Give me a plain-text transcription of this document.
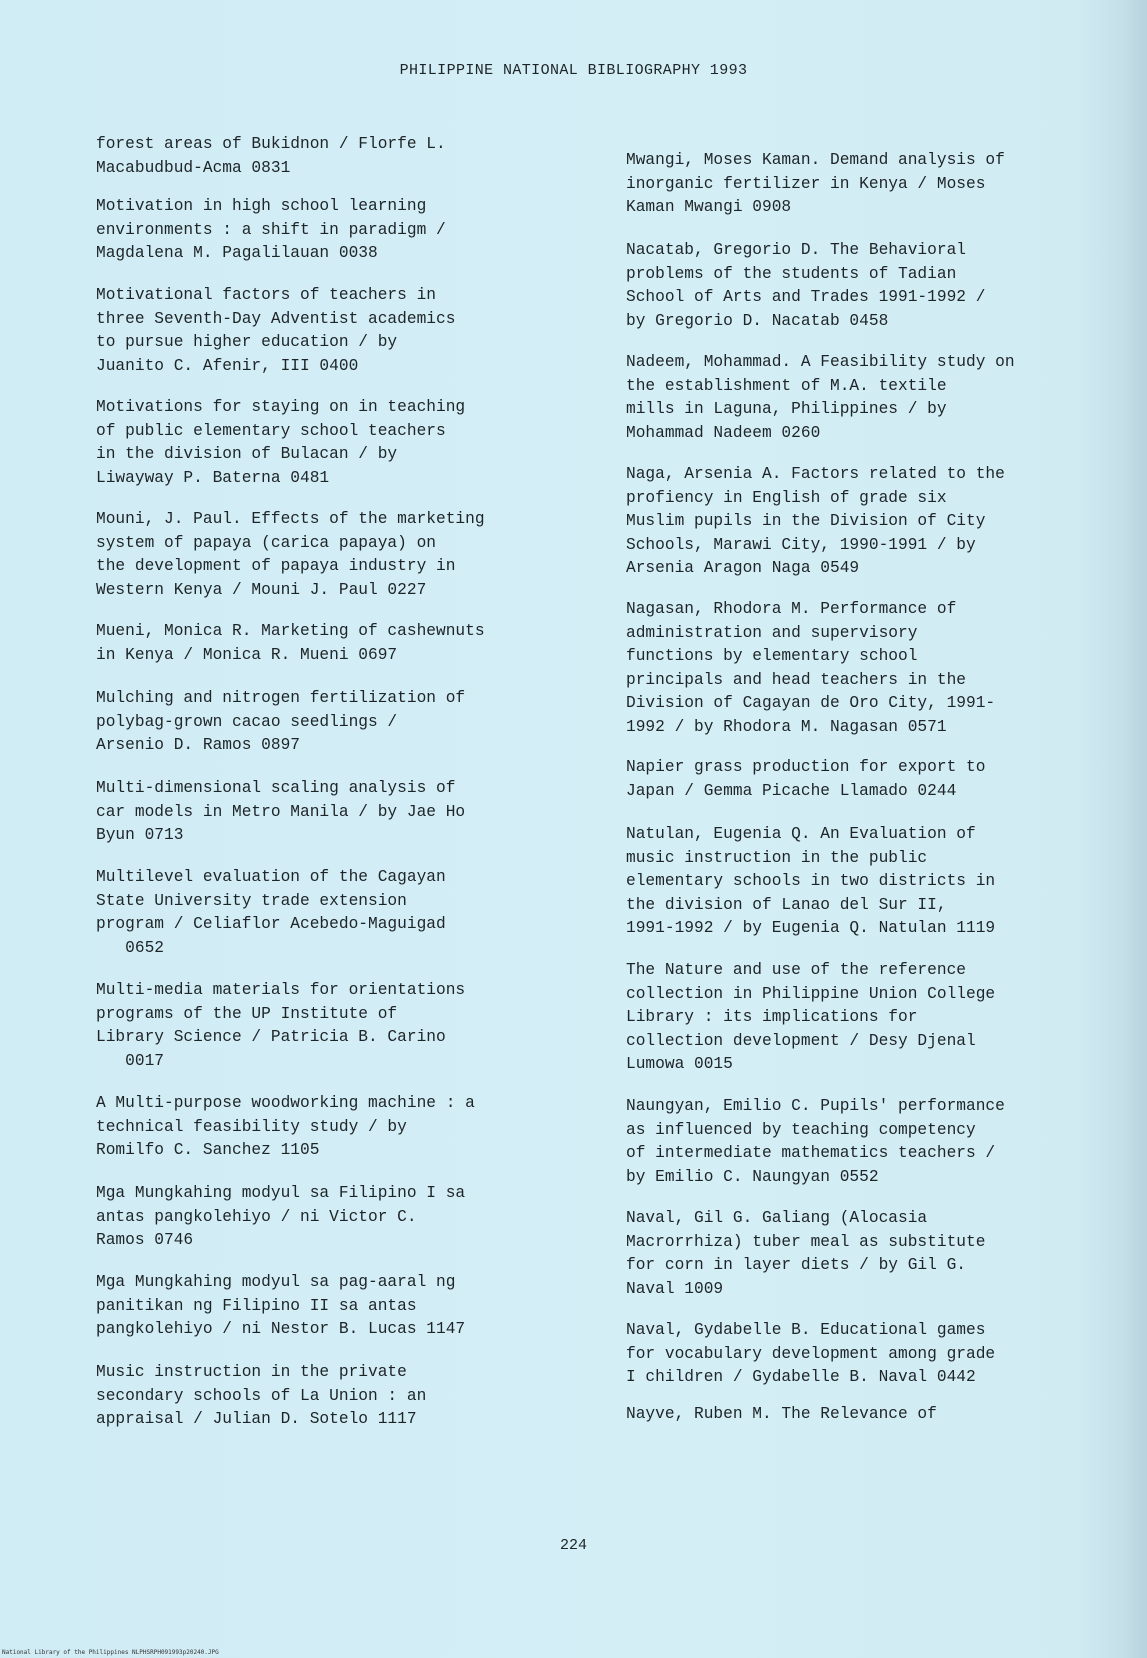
PHILIPPINE NATIONAL BIBLIOGRAPHY 1993
forest areas of Bukidnon / Florfe L.
Macabudbud-Acma 0831
Motivation in high school learning
environments : a shift in paradigm /
Magdalena M. Pagalilauan 0038
Motivational factors of teachers in
three Seventh-Day Adventist academics
to pursue higher education / by
Juanito C. Afenir, III 0400
Motivations for staying on in teaching
of public elementary school teachers
in the division of Bulacan / by
Liwayway P. Baterna 0481
Mouni, J. Paul. Effects of the marketing
system of papaya (carica papaya) on
the development of papaya industry in
Western Kenya / Mouni J. Paul 0227
Mueni, Monica R. Marketing of cashewnuts
in Kenya / Monica R. Mueni 0697
Mulching and nitrogen fertilization of
polybag-grown cacao seedlings /
Arsenio D. Ramos 0897
Multi-dimensional scaling analysis of
car models in Metro Manila / by Jae Ho
Byun 0713
Multilevel evaluation of the Cagayan
State University trade extension
program / Celiaflor Acebedo-Maguigad
0652
Multi-media materials for orientations
programs of the UP Institute of
Library Science / Patricia B. Carino
0017
A Multi-purpose woodworking machine : a
technical feasibility study / by
Romilfo C. Sanchez 1105
Mga Mungkahing modyul sa Filipino I sa
antas pangkolehiyo / ni Victor C.
Ramos 0746
Mga Mungkahing modyul sa pag-aaral ng
panitikan ng Filipino II sa antas
pangkolehiyo / ni Nestor B. Lucas 1147
Music instruction in the private
secondary schools of La Union : an
appraisal / Julian D. Sotelo 1117
Mwangi, Moses Kaman. Demand analysis of
inorganic fertilizer in Kenya / Moses
Kaman Mwangi 0908
Nacatab, Gregorio D. The Behavioral
problems of the students of Tadian
School of Arts and Trades 1991-1992 /
by Gregorio D. Nacatab 0458
Nadeem, Mohammad. A Feasibility study on
the establishment of M.A. textile
mills in Laguna, Philippines / by
Mohammad Nadeem 0260
Naga, Arsenia A. Factors related to the
profiency in English of grade six
Muslim pupils in the Division of City
Schools, Marawi City, 1990-1991 / by
Arsenia Aragon Naga 0549
Nagasan, Rhodora M. Performance of
administration and supervisory
functions by elementary school
principals and head teachers in the
Division of Cagayan de Oro City, 1991-
1992 / by Rhodora M. Nagasan 0571
Napier grass production for export to
Japan / Gemma Picache Llamado 0244
Natulan, Eugenia Q. An Evaluation of
music instruction in the public
elementary schools in two districts in
the division of Lanao del Sur II,
1991-1992 / by Eugenia Q. Natulan 1119
The Nature and use of the reference
collection in Philippine Union College
Library : its implications for
collection development / Desy Djenal
Lumowa 0015
Naungyan, Emilio C. Pupils' performance
as influenced by teaching competency
of intermediate mathematics teachers /
by Emilio C. Naungyan 0552
Naval, Gil G. Galiang (Alocasia
Macrorrhiza) tuber meal as substitute
for corn in layer diets / by Gil G.
Naval 1009
Naval, Gydabelle B. Educational games
for vocabulary development among grade
I children / Gydabelle B. Naval 0442
Nayve, Ruben M. The Relevance of
224
National Library of the Philippines NLPHSRPH091993p20240.JPG
